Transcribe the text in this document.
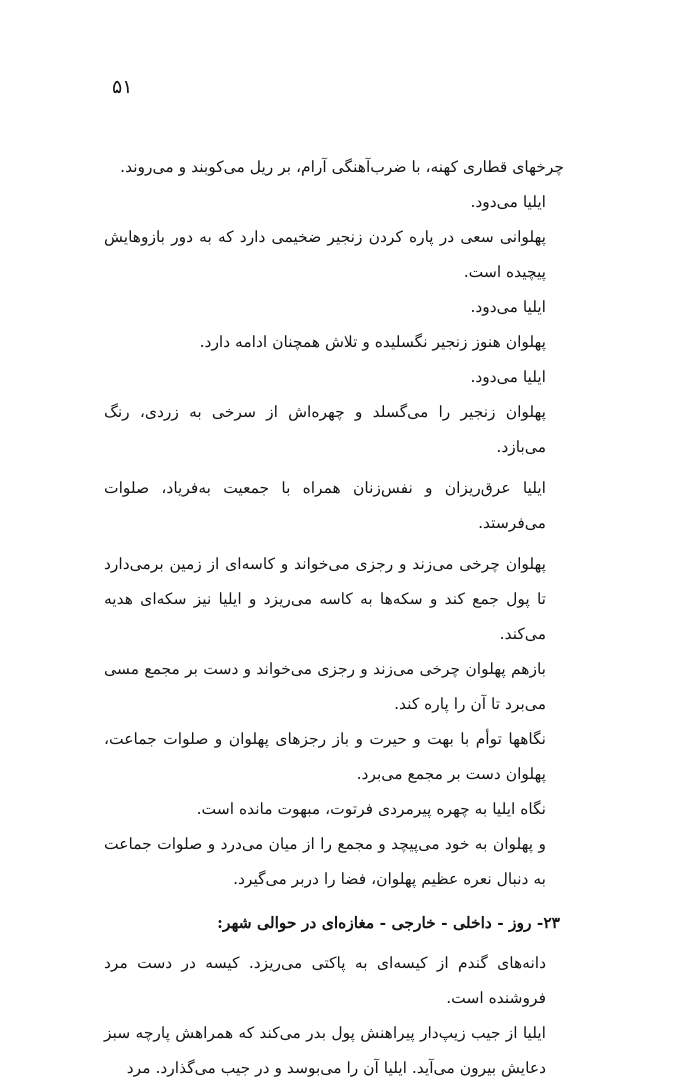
۵۱

چرخهای قطاری کهنه، با ضرب‌آهنگی آرام، بر ریل می‌کوبند و می‌روند.

ایلیا می‌دود.

پهلوانی سعی در پاره کردن زنجیر ضخیمی دارد که به دور بازوهایش پیچیده است.

ایلیا می‌دود.

پهلوان هنوز زنجیر نگسلیده و تلاش همچنان ادامه دارد.

ایلیا می‌دود.

پهلوان زنجیر را می‌گسلد و چهره‌اش از سرخی به زردی، رنگ می‌بازد.

ایلیا عرق‌ریزان و نفس‌زنان همراه با جمعیت به‌فریاد، صلوات می‌فرستد.

پهلوان چرخی می‌زند و رجزی می‌خواند و کاسه‌ای از زمین برمی‌دارد تا پول جمع کند و سکه‌ها به کاسه می‌ریزد و ایلیا نیز سکه‌ای هدیه می‌کند.

بازهم پهلوان چرخی می‌زند و رجزی می‌خواند و دست بر مجمع مسی می‌برد تا آن را پاره کند.

نگاهها توأم با بهت و حیرت و باز رجزهای پهلوان و صلوات جماعت، پهلوان دست بر مجمع می‌برد.

نگاه ایلیا به چهره پیرمردی فرتوت، مبهوت مانده است.

و پهلوان به خود می‌پیچد و مجمع را از میان می‌درد و صلوات جماعت به دنبال نعره عظیم پهلوان، فضا را دربر می‌گیرد.

۲۳- روز - داخلی - خارجی - مغازه‌ای در حوالی شهر:

دانه‌های گندم از کیسه‌ای به پاکتی می‌ریزد. کیسه در دست مرد فروشنده است.

ایلیا از جیب زیپ‌دار پیراهنش پول بدر می‌کند که همراهش پارچه سبز دعایش بیرون می‌آید. ایلیا آن را می‌بوسد و در جیب می‌گذارد. مرد
